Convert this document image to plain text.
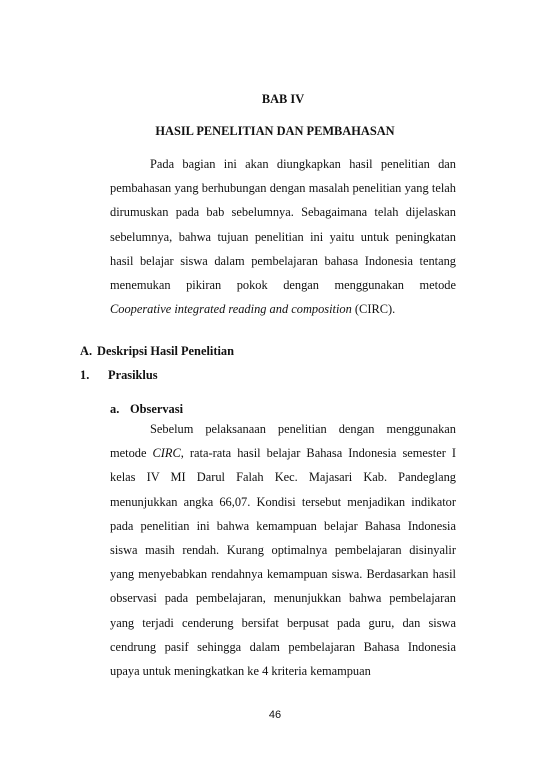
BAB IV
HASIL PENELITIAN DAN PEMBAHASAN

Pada bagian ini akan diungkapkan hasil penelitian dan pembahasan yang berhubungan dengan masalah penelitian yang telah dirumuskan pada bab sebelumnya. Sebagaimana telah dijelaskan sebelumnya, bahwa tujuan penelitian ini yaitu untuk peningkatan hasil belajar siswa dalam pembelajaran bahasa Indonesia tentang menemukan pikiran pokok dengan menggunakan metode Cooperative integrated reading and composition (CIRC).

A. Deskripsi Hasil Penelitian
1. Prasiklus
a. Observasi

Sebelum pelaksanaan penelitian dengan menggunakan metode CIRC, rata-rata hasil belajar Bahasa Indonesia semester I kelas IV MI Darul Falah Kec. Majasari Kab. Pandeglang menunjukkan angka 66,07. Kondisi tersebut menjadikan indikator pada penelitian ini bahwa kemampuan belajar Bahasa Indonesia siswa masih rendah. Kurang optimalnya pembelajaran disinyalir yang menyebabkan rendahnya kemampuan siswa. Berdasarkan hasil observasi pada pembelajaran, menunjukkan bahwa pembelajaran yang terjadi cenderung bersifat berpusat pada guru, dan siswa cendrung pasif sehingga dalam pembelajaran Bahasa Indonesia upaya untuk meningkatkan ke 4 kriteria kemampuan

46
